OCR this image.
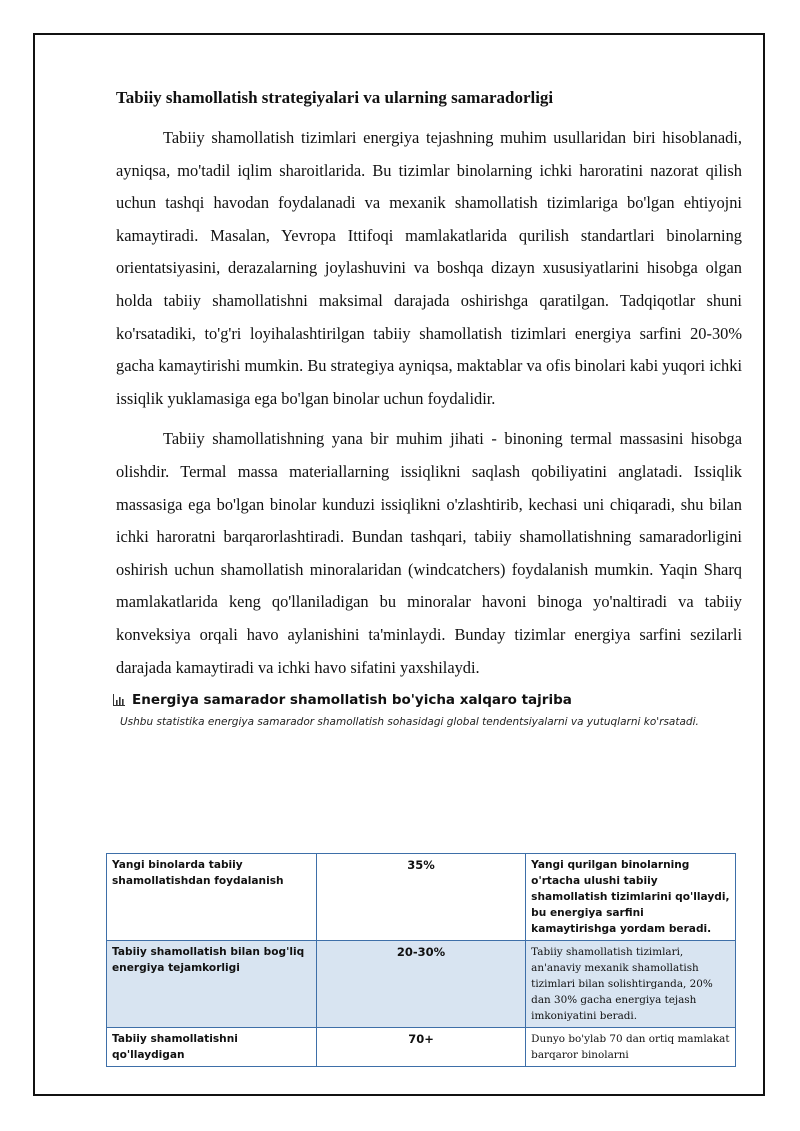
Tabiiy shamollatish strategiyalari va ularning samaradorligi

Tabiiy shamollatish tizimlari energiya tejashning muhim usullaridan biri hisoblanadi, ayniqsa, mo'tadil iqlim sharoitlarida. Bu tizimlar binolarning ichki haroratini nazorat qilish uchun tashqi havodan foydalanadi va mexanik shamollatish tizimlariga bo'lgan ehtiyojni kamaytiradi. Masalan, Yevropa Ittifoqi mamlakatlarida qurilish standartlari binolarning orientatsiyasini, derazalarning joylashuvini va boshqa dizayn xususiyatlarini hisobga olgan holda tabiiy shamollatishni maksimal darajada oshirishga qaratilgan. Tadqiqotlar shuni ko'rsatadiki, to'g'ri loyihalashtirilgan tabiiy shamollatish tizimlari energiya sarfini 20-30% gacha kamaytirishi mumkin. Bu strategiya ayniqsa, maktablar va ofis binolari kabi yuqori ichki issiqlik yuklamasiga ega bo'lgan binolar uchun foydalidir.

Tabiiy shamollatishning yana bir muhim jihati - binoning termal massasini hisobga olishdir. Termal massa materiallarning issiqlikni saqlash qobiliyatini anglatadi. Issiqlik massasiga ega bo'lgan binolar kunduzi issiqlikni o'zlashtirib, kechasi uni chiqaradi, shu bilan ichki haroratni barqarorlashtiradi. Bundan tashqari, tabiiy shamollatishning samaradorligini oshirish uchun shamollatish minoralaridan (windcatchers) foydalanish mumkin. Yaqin Sharq mamlakatlarida keng qo'llaniladigan bu minoralar havoni binoga yo'naltiradi va tabiiy konveksiya orqali havo aylanishini ta'minlaydi. Bunday tizimlar energiya sarfini sezilarli darajada kamaytiradi va ichki havo sifatini yaxshilaydi.

Energiya samarador shamollatish bo'yicha xalqaro tajriba
Ushbu statistika energiya samarador shamollatish sohasidagi global tendentsiyalarni va yutuqlarni ko'rsatadi.
Yangi binolarda tabiiy shamollatishdan foydalanish	35%	Yangi qurilgan binolarning o'rtacha ulushi tabiiy shamollatish tizimlarini qo'llaydi, bu energiya sarfini kamaytirishga yordam beradi.
Tabiiy shamollatish bilan bog'liq energiya tejamkorligi	20-30%	Tabiiy shamollatish tizimlari, an'anaviy mexanik shamollatish tizimlari bilan solishtirganda, 20% dan 30% gacha energiya tejash imkoniyatini beradi.
Tabiiy shamollatishni qo'llaydigan	70+	Dunyo bo'ylab 70 dan ortiq mamlakat barqaror binolarni
